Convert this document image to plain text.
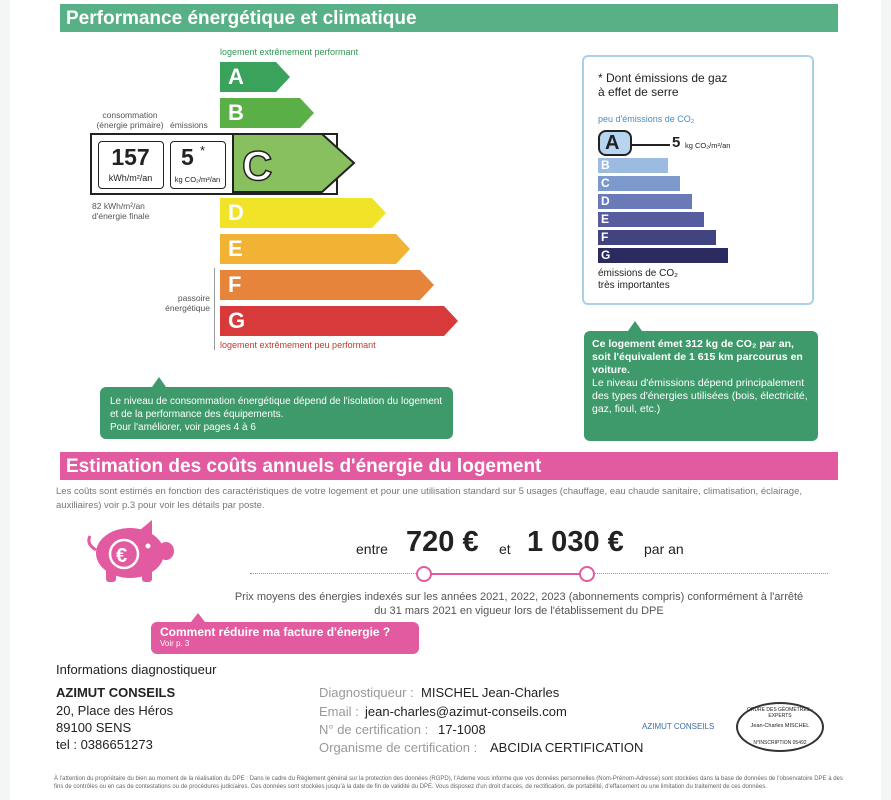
Performance énergétique et climatique
logement extrêmement performant
A
B
D
E
F
G
logement extrêmement peu performant
consommation
(énergie primaire) émissions
157
kWh/m²/an
5 *
kg CO₂/m²/an C
82 kWh/m²/an
d'énergie finale
passoire
énergétique
Le niveau de consommation énergétique dépend de l'isolation du logement et de la performance des équipements.
Pour l'améliorer, voir pages 4 à 6
* Dont émissions de gaz
à effet de serre
peu d'émissions de CO₂
A
B
C
D
E
F
G
5 kg CO₂/m²/an
émissions de CO₂
très importantes
Ce logement émet 312 kg de CO₂ par an, soit l'équivalent de 1 615 km parcourus en voiture.
Le niveau d'émissions dépend principalement des types d'énergies utilisées (bois, électricité, gaz, fioul, etc.)
Estimation des coûts annuels d'énergie du logement
Les coûts sont estimés en fonction des caractéristiques de votre logement et pour une utilisation standard sur 5 usages (chauffage, eau chaude sanitaire, climatisation, éclairage, auxiliaires) voir p.3 pour voir les détails par poste.
€	entre 720 € et 1 030 € par an
Prix moyens des énergies indexés sur les années 2021, 2022, 2023 (abonnements compris) conformément à l'arrêté du 31 mars 2021 en vigueur lors de l'établissement du DPE
Comment réduire ma facture d'énergie ?
Voir p. 3
Informations diagnostiqueur
AZIMUT CONSEILS
20, Place des Héros
89100 SENS
tel : 0386651273
Diagnostiqueur : MISCHEL Jean-Charles
Email : jean-charles@azimut-conseils.com
N° de certification : 17-1008
Organisme de certification : ABCIDIA CERTIFICATION
AZIMUT CONSEILS
ORDRE DES GÉOMÈTRES - EXPERTS
Jean-Charles MISCHEL
N°INSCRIPTION 05492
À l'attention du propriétaire du bien au moment de la réalisation du DPE : Dans le cadre du Règlement général sur la protection des données (RGPD), l'Ademe vous informe que vos données personnelles (Nom-Prénom-Adresse) sont stockées dans la base de données de l'observatoire DPE à des fins de contrôles ou en cas de contestations ou de procédures judiciaires. Ces données sont stockées jusqu'à la date de fin de validité du DPE. Vous disposez d'un droit d'accès, de rectification, de portabilité, d'effacement ou une limitation du traitement de ces données.
